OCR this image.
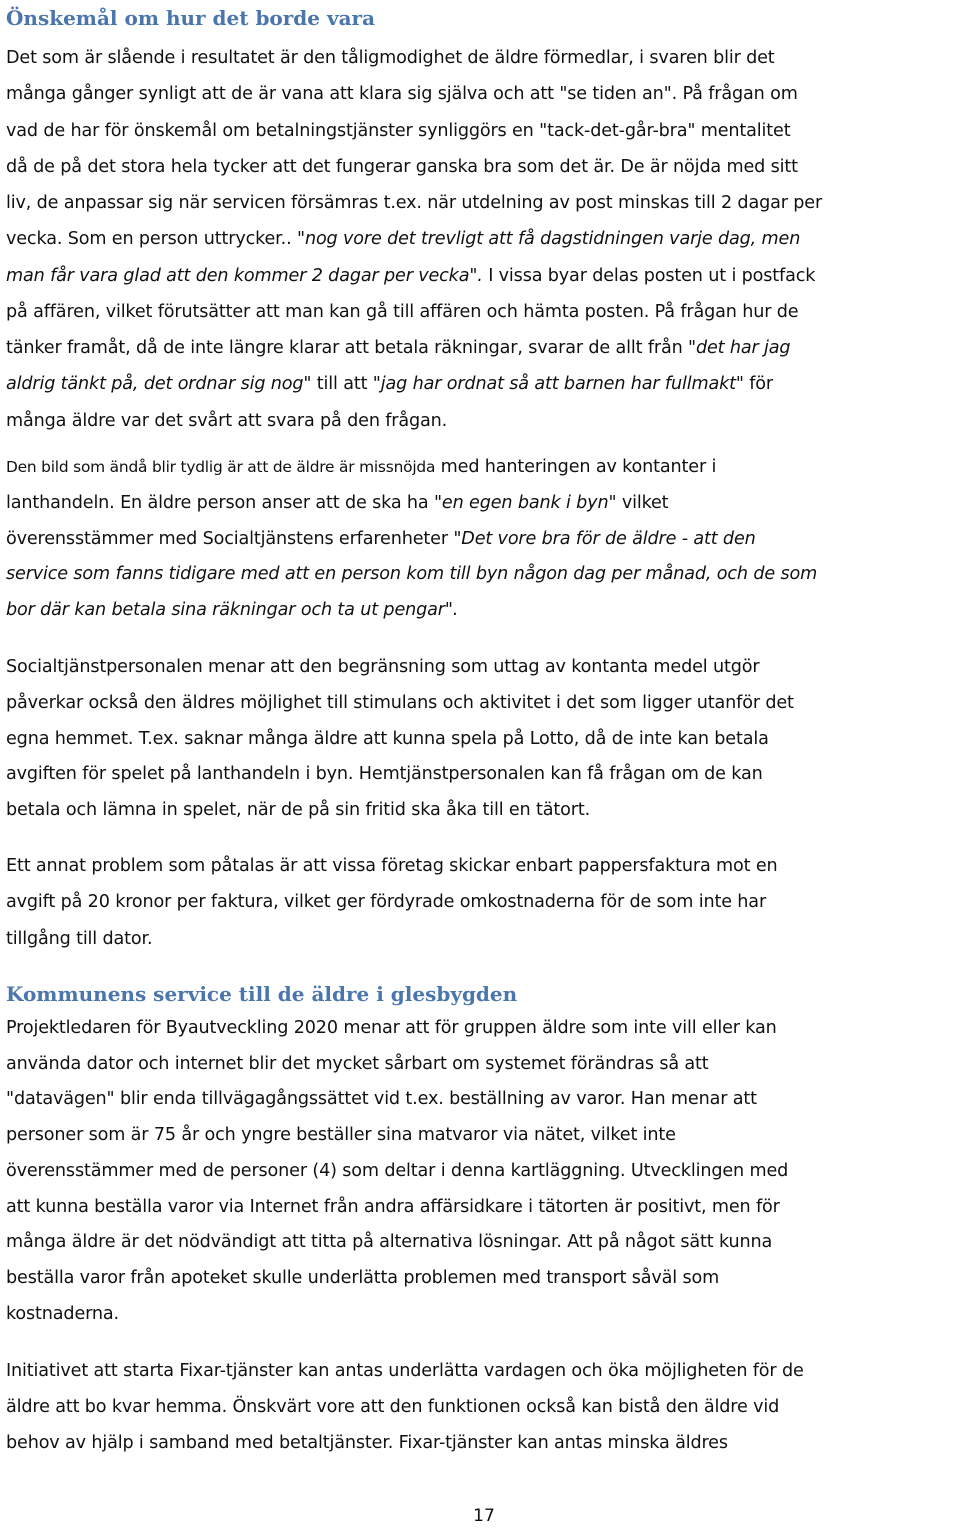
Önskemål om hur det borde vara

Det som är slående i resultatet är den tåligmodighet de äldre förmedlar, i svaren blir det
många gånger synligt att de är vana att klara sig själva och att "se tiden an". På frågan om
vad de har för önskemål om betalningstjänster synliggörs en "tack-det-går-bra" mentalitet
då de på det stora hela tycker att det fungerar ganska bra som det är. De är nöjda med sitt
liv, de anpassar sig när servicen försämras t.ex. när utdelning av post minskas till 2 dagar per
vecka. Som en person uttrycker.. "nog vore det trevligt att få dagstidningen varje dag, men
man får vara glad att den kommer 2 dagar per vecka". I vissa byar delas posten ut i postfack
på affären, vilket förutsätter att man kan gå till affären och hämta posten. På frågan hur de
tänker framåt, då de inte längre klarar att betala räkningar, svarar de allt från "det har jag
aldrig tänkt på, det ordnar sig nog" till att "jag har ordnat så att barnen har fullmakt" för
många äldre var det svårt att svara på den frågan.

Den bild som ändå blir tydlig är att de äldre är missnöjda med hanteringen av kontanter i
lanthandeln. En äldre person anser att de ska ha "en egen bank i byn" vilket
överensstämmer med Socialtjänstens erfarenheter "Det vore bra för de äldre - att den
service som fanns tidigare med att en person kom till byn någon dag per månad, och de som
bor där kan betala sina räkningar och ta ut pengar".

Socialtjänstpersonalen menar att den begränsning som uttag av kontanta medel utgör
påverkar också den äldres möjlighet till stimulans och aktivitet i det som ligger utanför det
egna hemmet. T.ex. saknar många äldre att kunna spela på Lotto, då de inte kan betala
avgiften för spelet på lanthandeln i byn. Hemtjänstpersonalen kan få frågan om de kan
betala och lämna in spelet, när de på sin fritid ska åka till en tätort.

Ett annat problem som påtalas är att vissa företag skickar enbart pappersfaktura mot en
avgift på 20 kronor per faktura, vilket ger fördyrade omkostnaderna för de som inte har
tillgång till dator.

Kommunens service till de äldre i glesbygden

Projektledaren för Byautveckling 2020 menar att för gruppen äldre som inte vill eller kan
använda dator och internet blir det mycket sårbart om systemet förändras så att
"datavägen" blir enda tillvägagångssättet vid t.ex. beställning av varor. Han menar att
personer som är 75 år och yngre beställer sina matvaror via nätet, vilket inte
överensstämmer med de personer (4) som deltar i denna kartläggning. Utvecklingen med
att kunna beställa varor via Internet från andra affärsidkare i tätorten är positivt, men för
många äldre är det nödvändigt att titta på alternativa lösningar. Att på något sätt kunna
beställa varor från apoteket skulle underlätta problemen med transport såväl som
kostnaderna.

Initiativet att starta Fixar-tjänster kan antas underlätta vardagen och öka möjligheten för de
äldre att bo kvar hemma. Önskvärt vore att den funktionen också kan bistå den äldre vid
behov av hjälp i samband med betaltjänster. Fixar-tjänster kan antas minska äldres

17
